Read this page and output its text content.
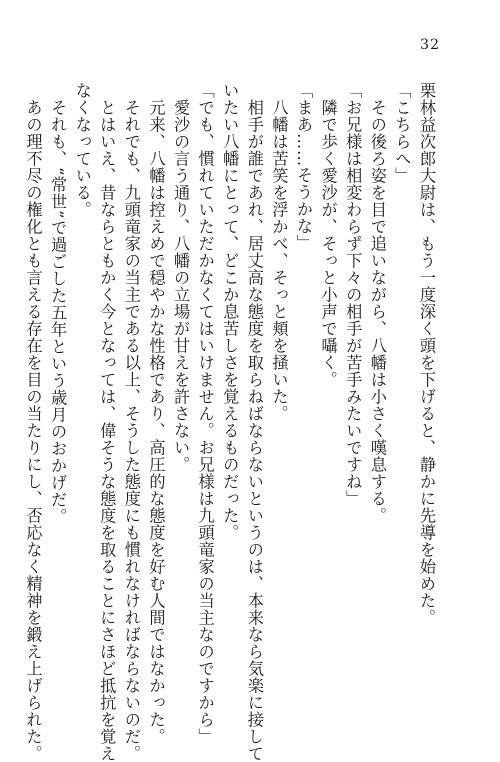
32
栗林益次郎大尉は、もう一度深く頭を下げると、静かに先導を始めた。
「こちらへ」
　その後ろ姿を目で追いながら、八幡は小さく嘆息する。
「お兄様は相変わらず下々の相手が苦手みたいですね」
　隣で歩く愛沙が、そっと小声で囁く。
「まあ……そうかな」
　八幡は苦笑を浮かべ、そっと頬を掻いた。
　相手が誰であれ、居丈高な態度を取らねばならないというのは、本来なら気楽に接して
いたい八幡にとって、どこか息苦しさを覚えるものだった。
「でも、慣れていただかなくてはいけません。お兄様は九頭竜家の当主なのですから」
　愛沙の言う通り、八幡の立場が甘えを許さない。
　元来、八幡は控えめで穏やかな性格であり、高圧的な態度を好む人間ではなかった。
　それでも、九頭竜家の当主である以上、そうした態度にも慣れなければならないのだ。
　とはいえ、昔ならともかく今となっては、偉そうな態度を取ることにさほど抵抗を覚え
なくなっている。
　それも、“常世”で過ごした五年という歳月のおかげだ。
　あの理不尽の権化とも言える存在を目の当たりにし、否応なく精神を鍛え上げられた。
